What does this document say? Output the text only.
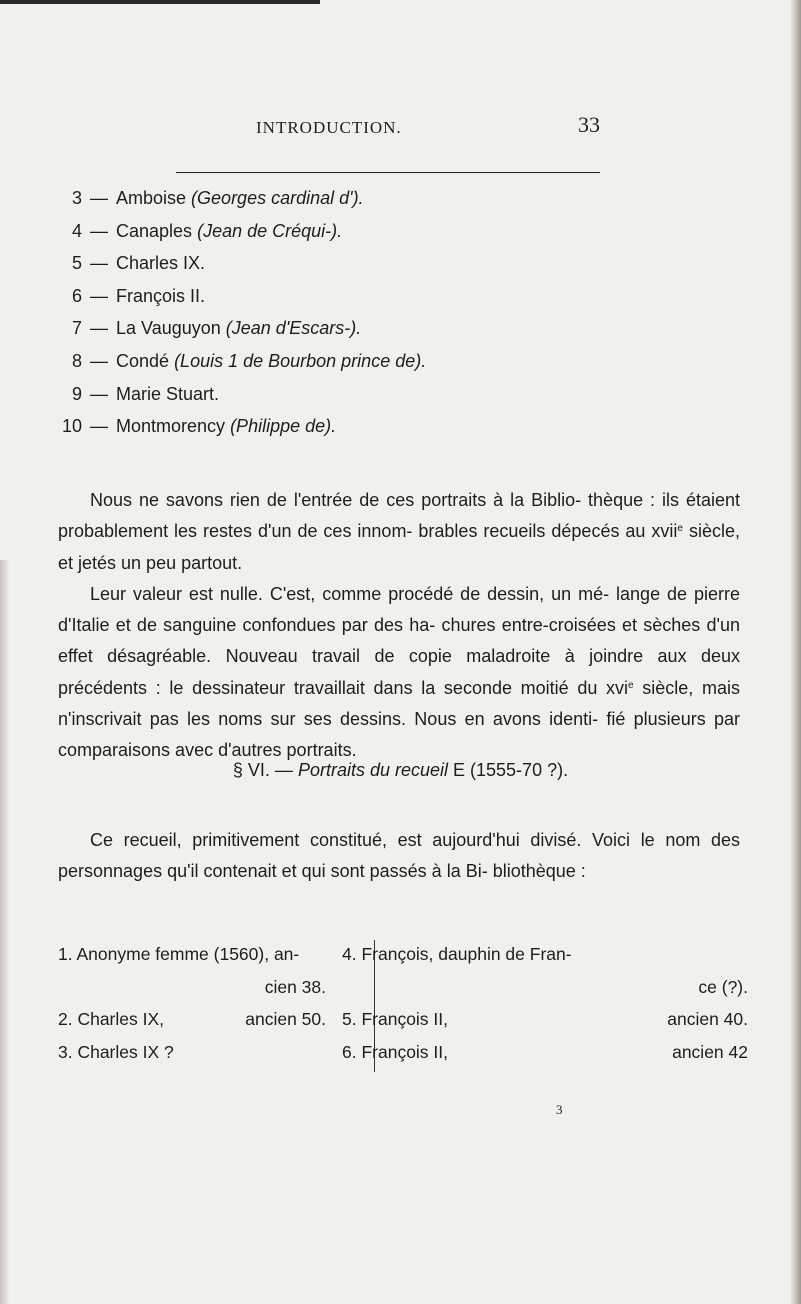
INTRODUCTION.	33
3 — Amboise (Georges cardinal d').
4 — Canaples (Jean de Créqui-).
5 — Charles IX.
6 — François II.
7 — La Vauguyon (Jean d'Escars-).
8 — Condé (Louis 1 de Bourbon prince de).
9 — Marie Stuart.
10 — Montmorency (Philippe de).

Nous ne savons rien de l'entrée de ces portraits à la Biblio- thèque : ils étaient probablement les restes d'un de ces innom- brables recueils dépecés au xvii$^e$ siècle, et jetés un peu partout.

Leur valeur est nulle. C'est, comme procédé de dessin, un mé- lange de pierre d'Italie et de sanguine confondues par des ha- chures entre-croisées et sèches d'un effet désagréable. Nouveau travail de copie maladroite à joindre aux deux précédents : le dessinateur travaillait dans la seconde moitié du xvi$^e$ siècle, mais n'inscrivait pas les noms sur ses dessins. Nous en avons identi- fié plusieurs par comparaisons avec d'autres portraits.

§ VI. — Portraits du recueil E (1555-70 ?).

Ce recueil, primitivement constitué, est aujourd'hui divisé. Voici le nom des personnages qu'il contenait et qui sont passés à la Bi- bliothèque :

1. Anonyme femme (1560), an-
cien 38.
2. Charles IX,	ancien 50.
3. Charles IX ?
4. François, dauphin de Fran-
ce (?).
5. François II,	ancien 40.
6. François II,	ancien 42
3
